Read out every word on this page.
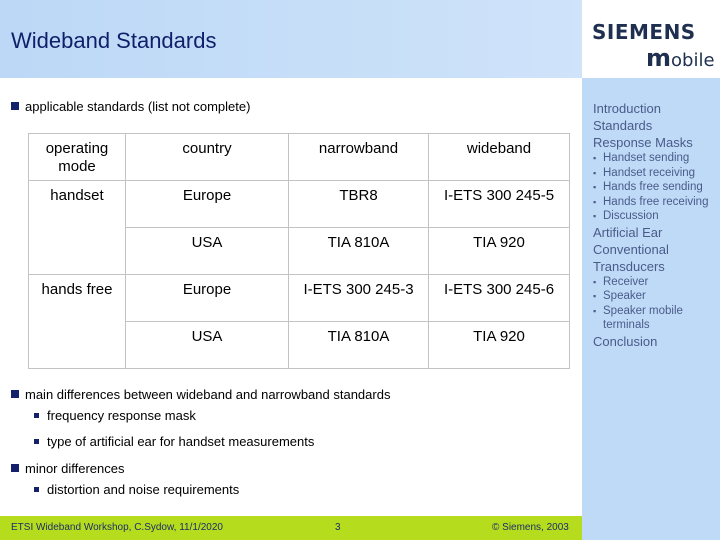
Wideband Standards	SIEMENS
mobile
Introduction
Standards
Response Masks
▪ Handset sending
▪ Handset receiving
▪ Hands free sending
▪ Hands free receiving
▪ Discussion
Artificial Ear
Conventional Transducers
▪ Receiver
▪ Speaker
▪ Speaker mobile terminals
Conclusion
applicable standards (list not complete)
operating mode	country	narrowband	wideband
handset	Europe	TBR8	I-ETS 300 245-5
	USA	TIA 810A	TIA 920
hands free	Europe	I-ETS 300 245-3	I-ETS 300 245-6
	USA	TIA 810A	TIA 920
main differences between wideband and narrowband standards
frequency response mask
type of artificial ear for handset measurements
minor differences
distortion and noise requirements
ETSI Wideband Workshop, C.Sydow, 11/1/2020	3	© Siemens, 2003
